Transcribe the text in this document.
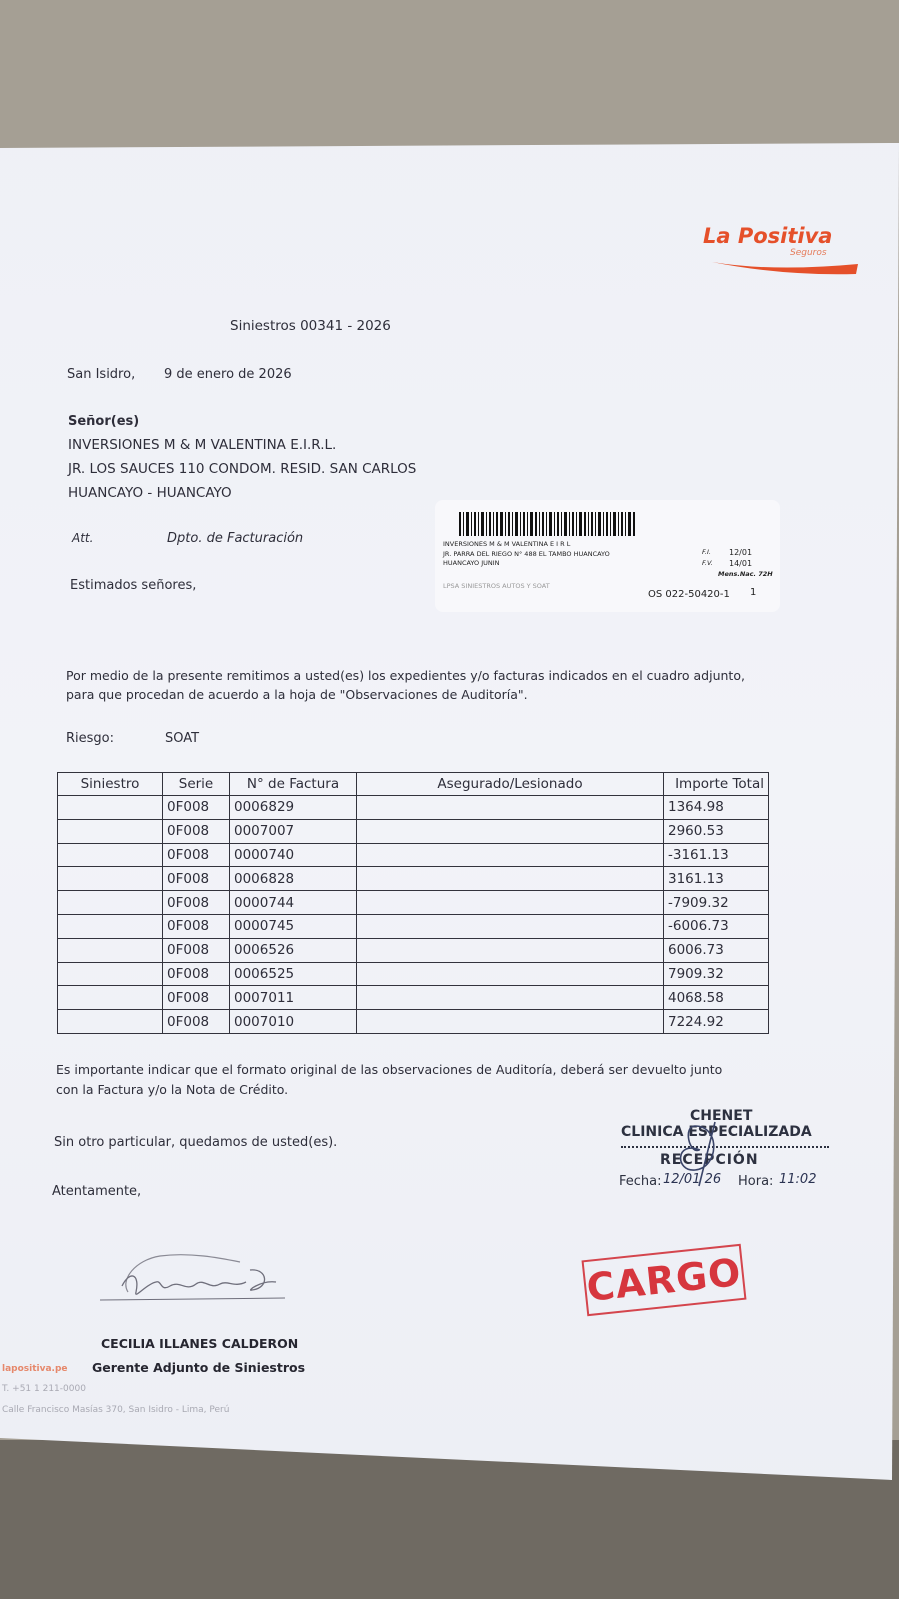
La Positiva
Seguros
Siniestros 00341 - 2026
San Isidro, 9 de enero de 2026
Señor(es)
INVERSIONES M & M VALENTINA E.I.R.L.
JR. LOS SAUCES 110 CONDOM. RESID. SAN CARLOS
HUANCAYO - HUANCAYO
Att.	Dpto. de Facturación
Estimados señores,
INVERSIONES M & M VALENTINA E I R L
JR. PARRA DEL RIEGO N° 488 EL TAMBO HUANCAYO
HUANCAYO JUNIN
LPSA SINIESTROS AUTOS Y SOAT
F.I. 12/01
F.V. 14/01
Mens.Nac. 72H
OS 022-50420-1 1
Por medio de la presente remitimos a usted(es) los expedientes y/o facturas indicados en el cuadro adjunto,
para que procedan de acuerdo a la hoja de "Observaciones de Auditoría".
Riesgo:	SOAT
Siniestro	Serie	N° de Factura	Asegurado/Lesionado	Importe Total
	0F008	0006829		1364.98
	0F008	0007007		2960.53
	0F008	0000740		-3161.13
	0F008	0006828		3161.13
	0F008	0000744		-7909.32
	0F008	0000745		-6006.73
	0F008	0006526		6006.73
	0F008	0006525		7909.32
	0F008	0007011		4068.58
	0F008	0007010		7224.92
Es importante indicar que el formato original de las observaciones de Auditoría, deberá ser devuelto junto
con la Factura y/o la Nota de Crédito.
Sin otro particular, quedamos de usted(es).
Atentamente,
CECILIA ILLANES CALDERON
Gerente Adjunto de Siniestros
lapositiva.pe
T. +51 1 211-0000
Calle Francisco Masías 370, San Isidro - Lima, Perú
CHENET
CLINICA ESPECIALIZADA
RECEPCIÓN
Fecha: 12/01 26 Hora: 11:02
CARGO
